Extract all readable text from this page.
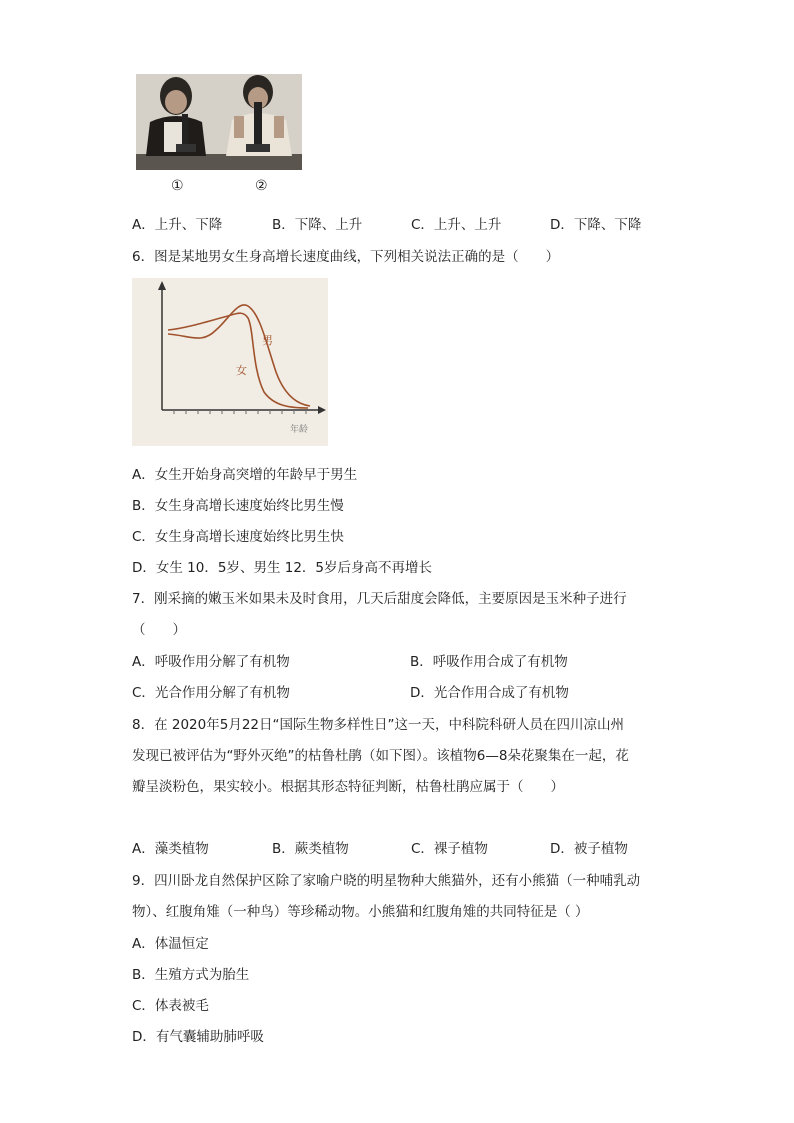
①	②
A．上升、下降	B．下降、上升	C．上升、上升	D．下降、下降
6．图是某地男女生身高增长速度曲线，下列相关说法正确的是（　　）
男
女
年龄
A．女生开始身高突增的年龄早于男生
B．女生身高增长速度始终比男生慢
C．女生身高增长速度始终比男生快
D．女生 10．5岁、男生 12．5岁后身高不再增长
7．刚采摘的嫩玉米如果未及时食用，几天后甜度会降低，主要原因是玉米种子进行
（　　）
A．呼吸作用分解了有机物	B．呼吸作用合成了有机物
C．光合作用分解了有机物	D．光合作用合成了有机物
8．在 2020年5月22日“国际生物多样性日”这一天，中科院科研人员在四川凉山州
发现已被评估为“野外灭绝”的枯鲁杜鹃（如下图）。该植物6—8朵花聚集在一起，花
瓣呈淡粉色，果实较小。根据其形态特征判断，枯鲁杜鹃应属于（　　）
A．藻类植物	B．蕨类植物	C．裸子植物	D．被子植物
9．四川卧龙自然保护区除了家喻户晓的明星物种大熊猫外，还有小熊猫（一种哺乳动
物）、红腹角雉（一种鸟）等珍稀动物。小熊猫和红腹角雉的共同特征是（ ）
A．体温恒定
B．生殖方式为胎生
C．体表被毛
D．有气囊辅助肺呼吸
